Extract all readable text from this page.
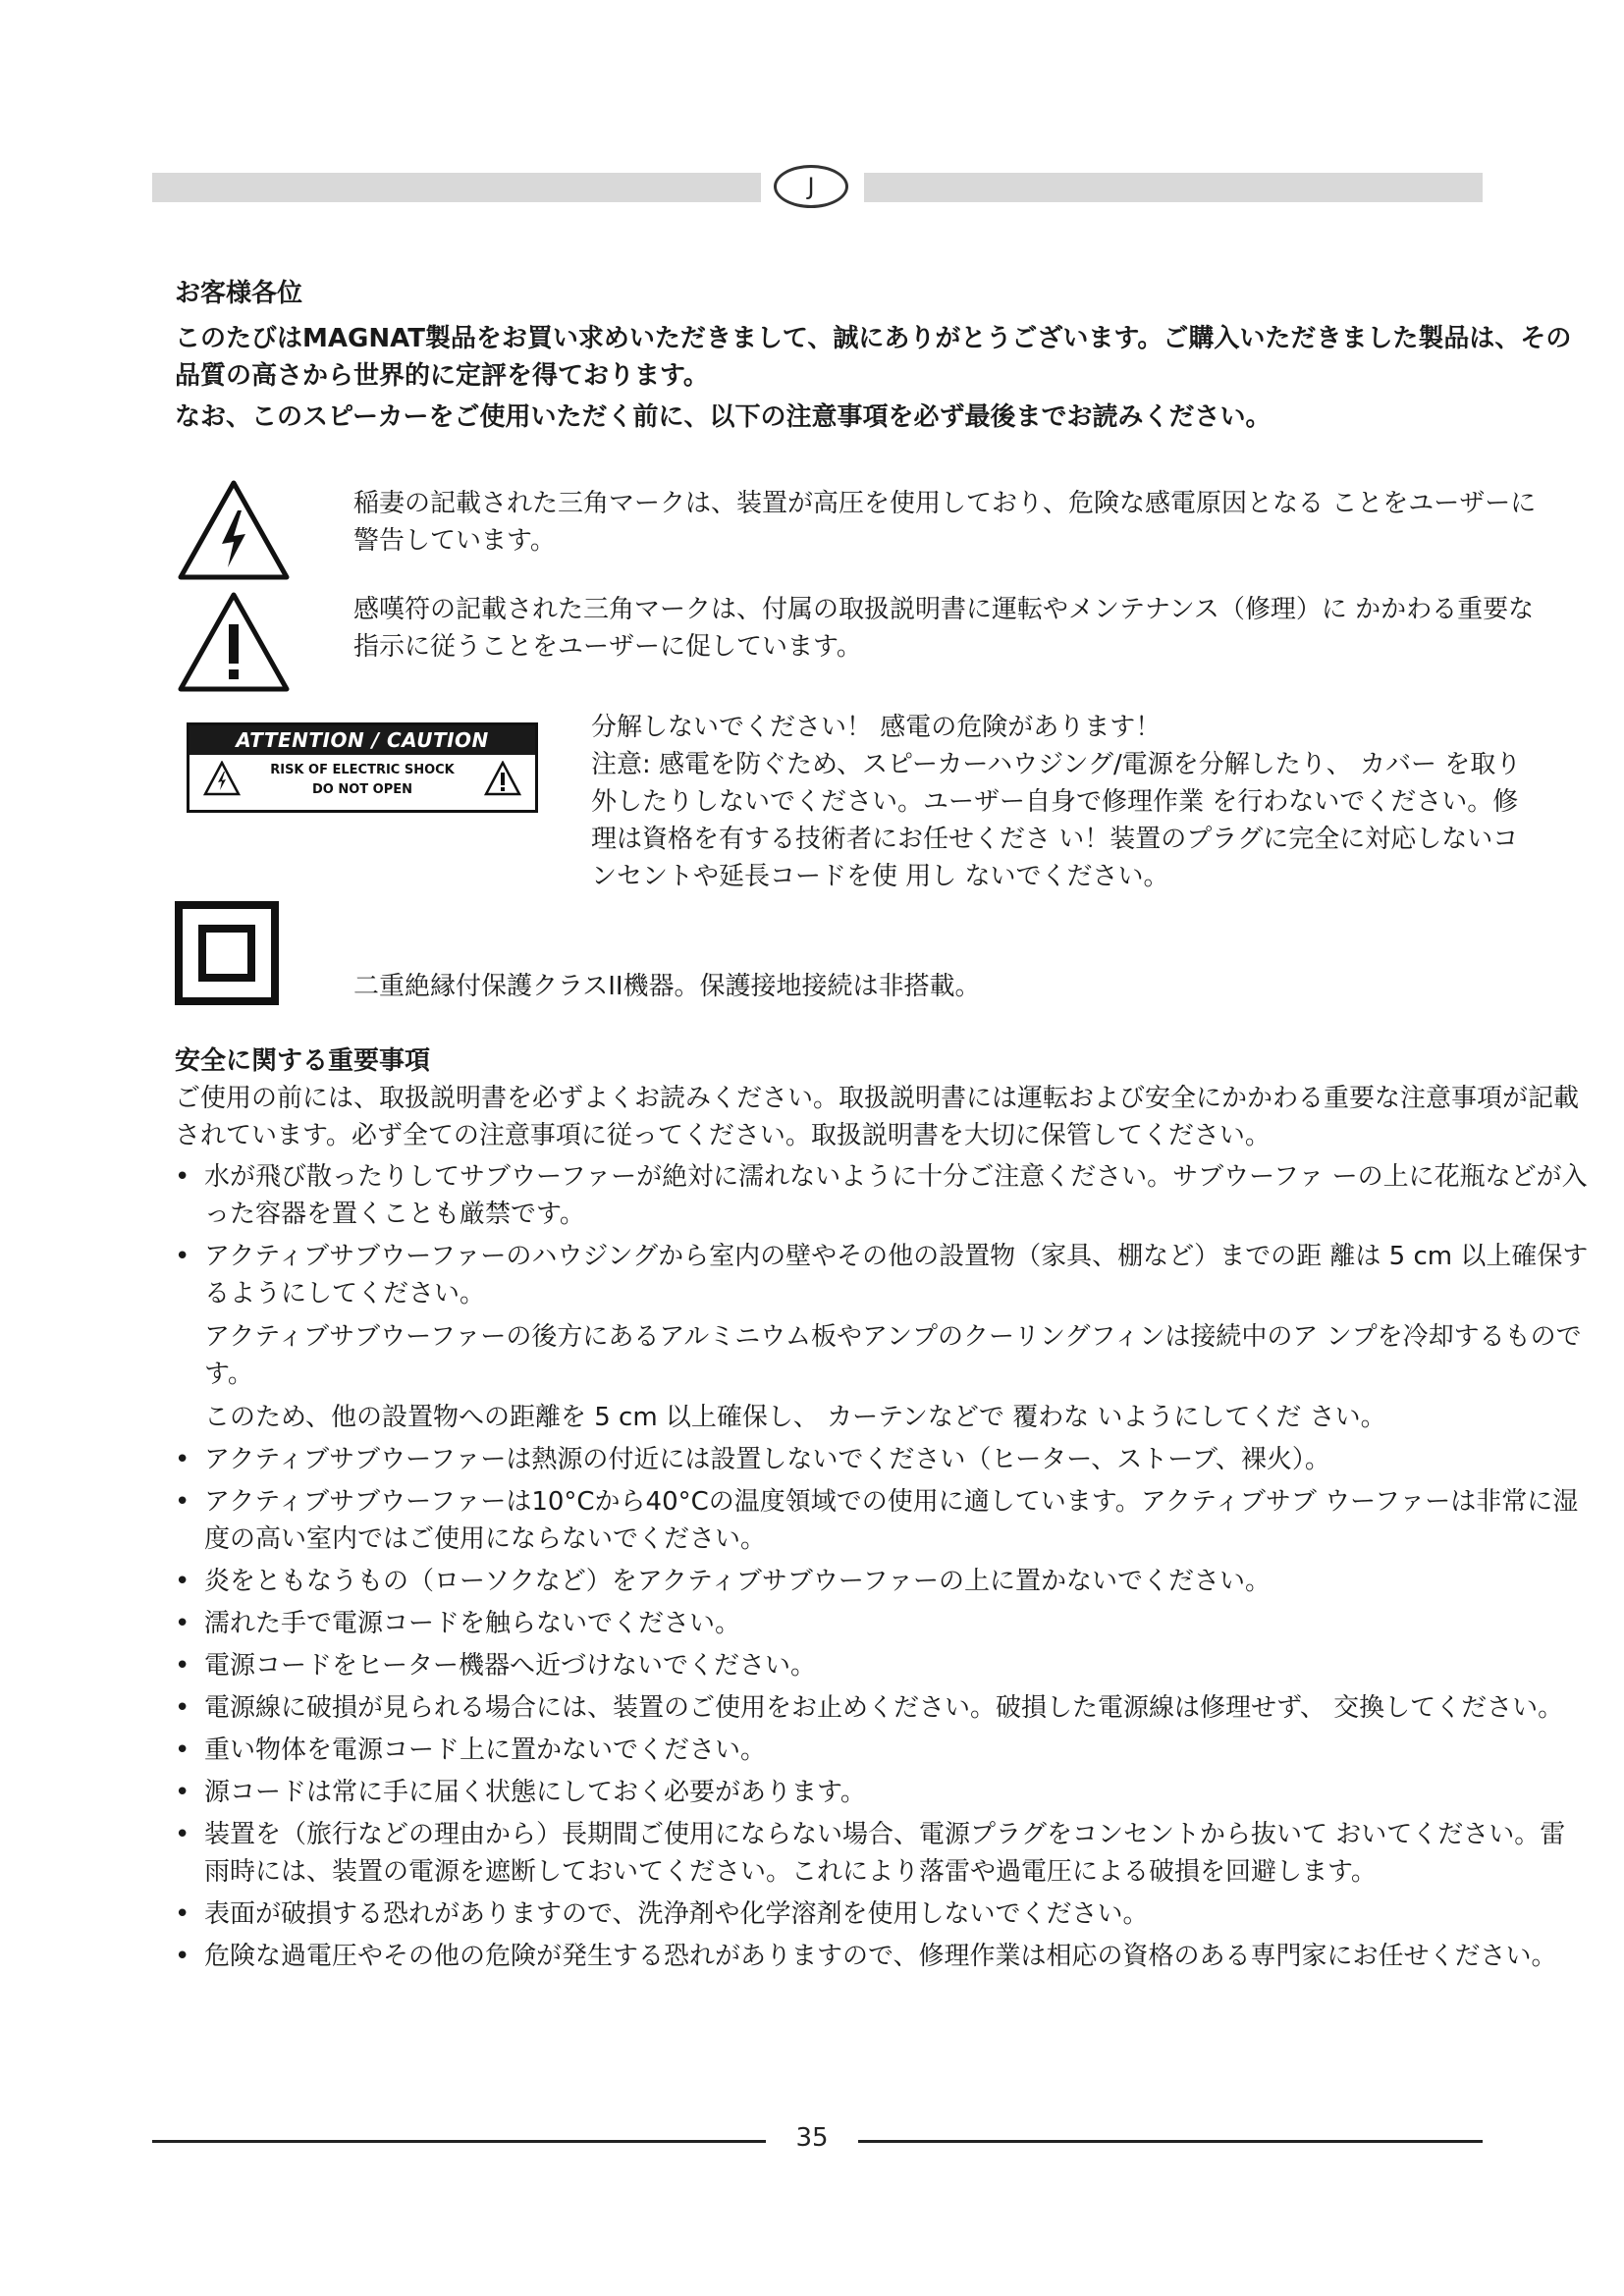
J

お客様各位

このたびはMAGNAT製品をお買い求めいただきまして、誠にありがとうございます。ご購入いただきました製品は、その品質の高さから世界的に定評を得ております。

なお、このスピーカーをご使用いただく前に、以下の注意事項を必ず最後までお読みください。

稲妻の記載された三角マークは、装置が高圧を使用しており、危険な感電原因となる ことをユーザーに警告しています。
感嘆符の記載された三角マークは、付属の取扱説明書に運転やメンテナンス（修理）に かかわる重要な指示に従うことをユーザーに促しています。
ATTENTION / CAUTION
RISK OF ELECTRIC SHOCK
DO NOT OPEN
分解しないでください！ 感電の危険があります！
注意: 感電を防ぐため、スピーカーハウジング/電源を分解したり、 カバー を取り外したりしないでください。ユーザー自身で修理作業 を行わないでください。修理は資格を有する技術者にお任せくださ い！装置のプラグに完全に対応しないコンセントや延長コードを使 用し ないでください。
二重絶縁付保護クラスII機器。保護接地接続は非搭載。

安全に関する重要事項

ご使用の前には、取扱説明書を必ずよくお読みください。取扱説明書には運転および安全にかかわる重要な注意事項が記載されています。必ず全ての注意事項に従ってください。取扱説明書を大切に保管してください。

• 水が飛び散ったりしてサブウーファーが絶対に濡れないように十分ご注意ください。サブウーファ ーの上に花瓶などが入った容器を置くことも厳禁です。
• アクティブサブウーファーのハウジングから室内の壁やその他の設置物（家具、棚など）までの距 離は 5 cm 以上確保するようにしてください。
アクティブサブウーファーの後方にあるアルミニウム板やアンプのクーリングフィンは接続中のア ンプを冷却するものです。
このため、他の設置物への距離を 5 cm 以上確保し、 カーテンなどで 覆わな いようにしてくだ さい。
• アクティブサブウーファーは熱源の付近には設置しないでください（ヒーター、ストーブ、裸火）。
• アクティブサブウーファーは10°Cから40°Cの温度領域での使用に適しています。アクティブサブ ウーファーは非常に湿度の高い室内ではご使用にならないでください。
• 炎をともなうもの（ローソクなど）をアクティブサブウーファーの上に置かないでください。
• 濡れた手で電源コードを触らないでください。
• 電源コードをヒーター機器へ近づけないでください。
• 電源線に破損が見られる場合には、装置のご使用をお止めください。破損した電源線は修理せず、 交換してください。
• 重い物体を電源コード上に置かないでください。
• 源コードは常に手に届く状態にしておく必要があります。
• 装置を（旅行などの理由から）長期間ご使用にならない場合、電源プラグをコンセントから抜いて おいてください。雷雨時には、装置の電源を遮断しておいてください。これにより落雷や過電圧による破損を回避します。
• 表面が破損する恐れがありますので、洗浄剤や化学溶剤を使用しないでください。
• 危険な過電圧やその他の危険が発生する恐れがありますので、修理作業は相応の資格のある専門家にお任せください。
35
